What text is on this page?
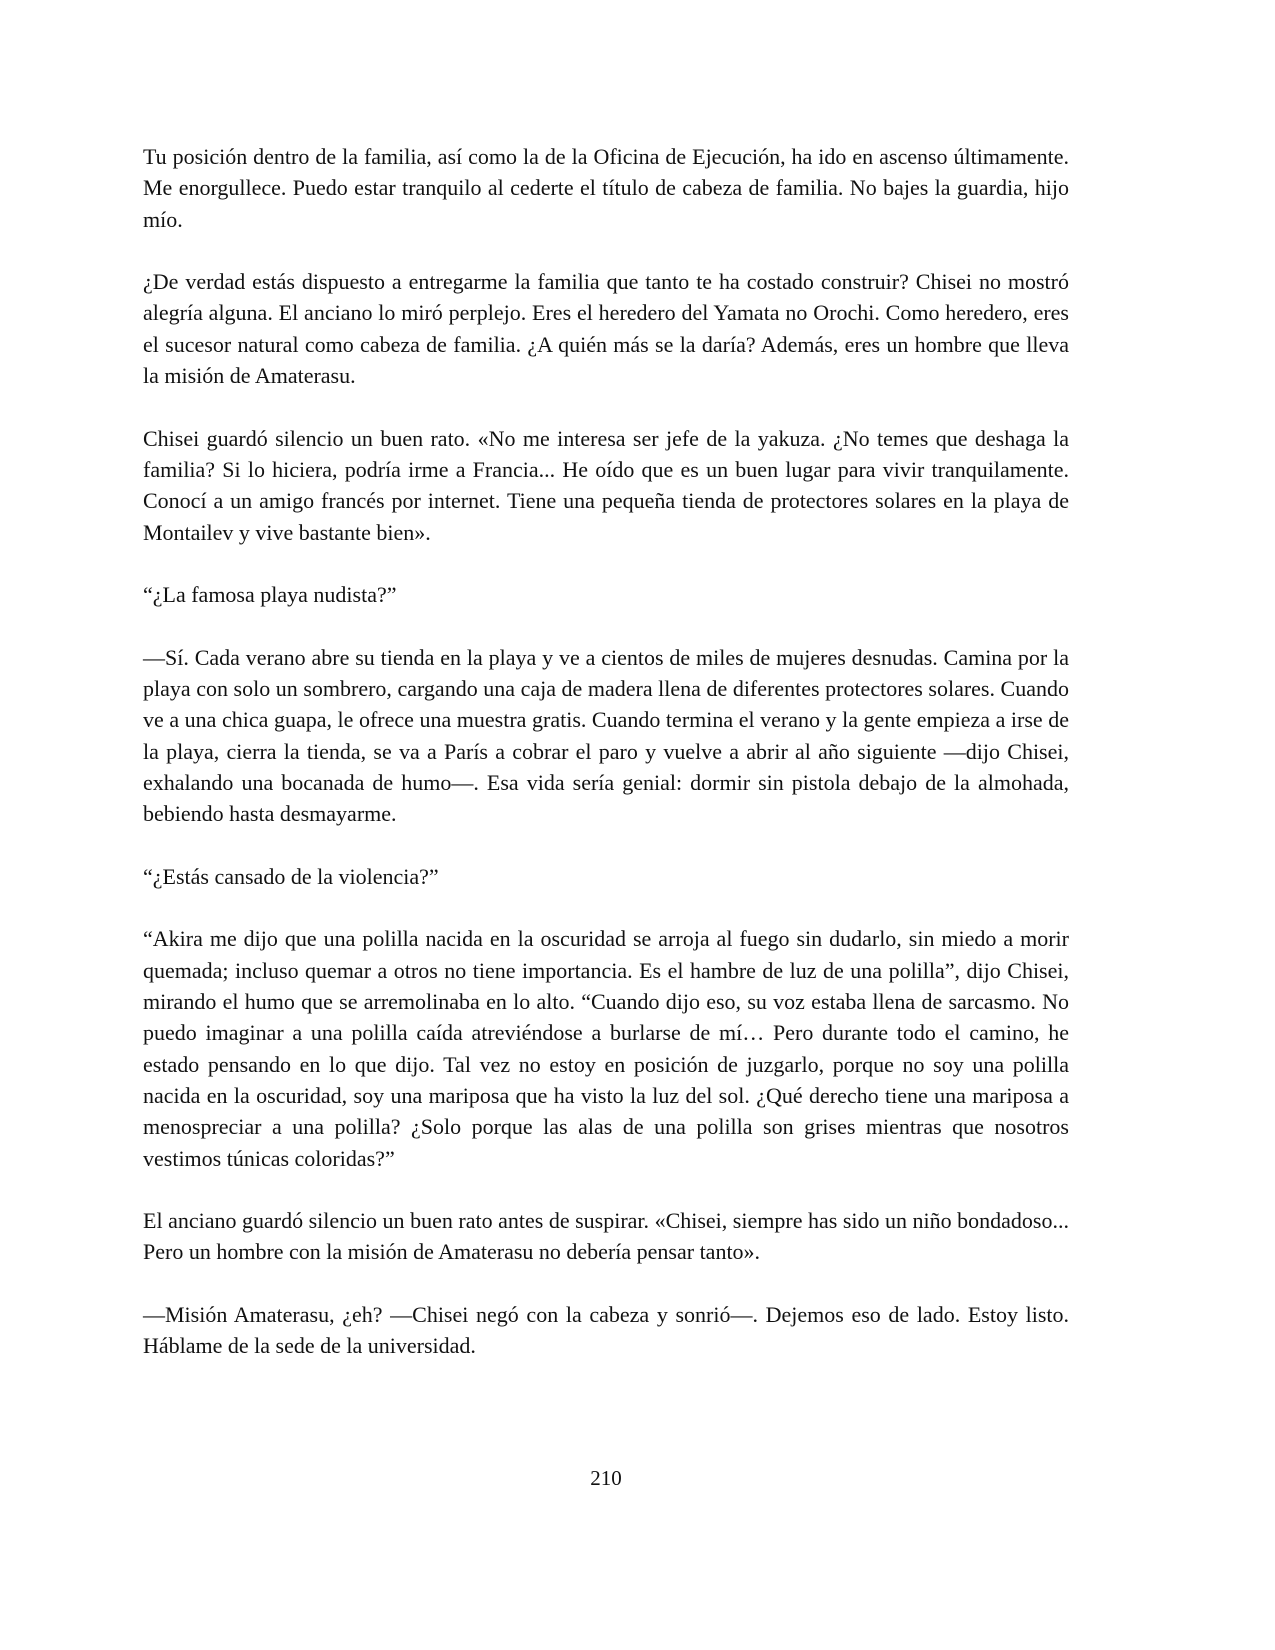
Tu posición dentro de la familia, así como la de la Oficina de Ejecución, ha ido en ascenso últimamente. Me enorgullece. Puedo estar tranquilo al cederte el título de cabeza de familia. No bajes la guardia, hijo mío.

¿De verdad estás dispuesto a entregarme la familia que tanto te ha costado construir? Chisei no mostró alegría alguna. El anciano lo miró perplejo. Eres el heredero del Yamata no Orochi. Como heredero, eres el sucesor natural como cabeza de familia. ¿A quién más se la daría? Además, eres un hombre que lleva la misión de Amaterasu.

Chisei guardó silencio un buen rato. «No me interesa ser jefe de la yakuza. ¿No temes que deshaga la familia? Si lo hiciera, podría irme a Francia... He oído que es un buen lugar para vivir tranquilamente. Conocí a un amigo francés por internet. Tiene una pequeña tienda de protectores solares en la playa de Montailev y vive bastante bien».

“¿La famosa playa nudista?”

—Sí. Cada verano abre su tienda en la playa y ve a cientos de miles de mujeres desnudas. Camina por la playa con solo un sombrero, cargando una caja de madera llena de diferentes protectores solares. Cuando ve a una chica guapa, le ofrece una muestra gratis. Cuando termina el verano y la gente empieza a irse de la playa, cierra la tienda, se va a París a cobrar el paro y vuelve a abrir al año siguiente —dijo Chisei, exhalando una bocanada de humo—. Esa vida sería genial: dormir sin pistola debajo de la almohada, bebiendo hasta desmayarme.

“¿Estás cansado de la violencia?”

“Akira me dijo que una polilla nacida en la oscuridad se arroja al fuego sin dudarlo, sin miedo a morir quemada; incluso quemar a otros no tiene importancia. Es el hambre de luz de una polilla”, dijo Chisei, mirando el humo que se arremolinaba en lo alto. “Cuando dijo eso, su voz estaba llena de sarcasmo. No puedo imaginar a una polilla caída atreviéndose a burlarse de mí… Pero durante todo el camino, he estado pensando en lo que dijo. Tal vez no estoy en posición de juzgarlo, porque no soy una polilla nacida en la oscuridad, soy una mariposa que ha visto la luz del sol. ¿Qué derecho tiene una mariposa a menospreciar a una polilla? ¿Solo porque las alas de una polilla son grises mientras que nosotros vestimos túnicas coloridas?”

El anciano guardó silencio un buen rato antes de suspirar. «Chisei, siempre has sido un niño bondadoso... Pero un hombre con la misión de Amaterasu no debería pensar tanto».

—Misión Amaterasu, ¿eh? —Chisei negó con la cabeza y sonrió—. Dejemos eso de lado. Estoy listo. Háblame de la sede de la universidad.

210
